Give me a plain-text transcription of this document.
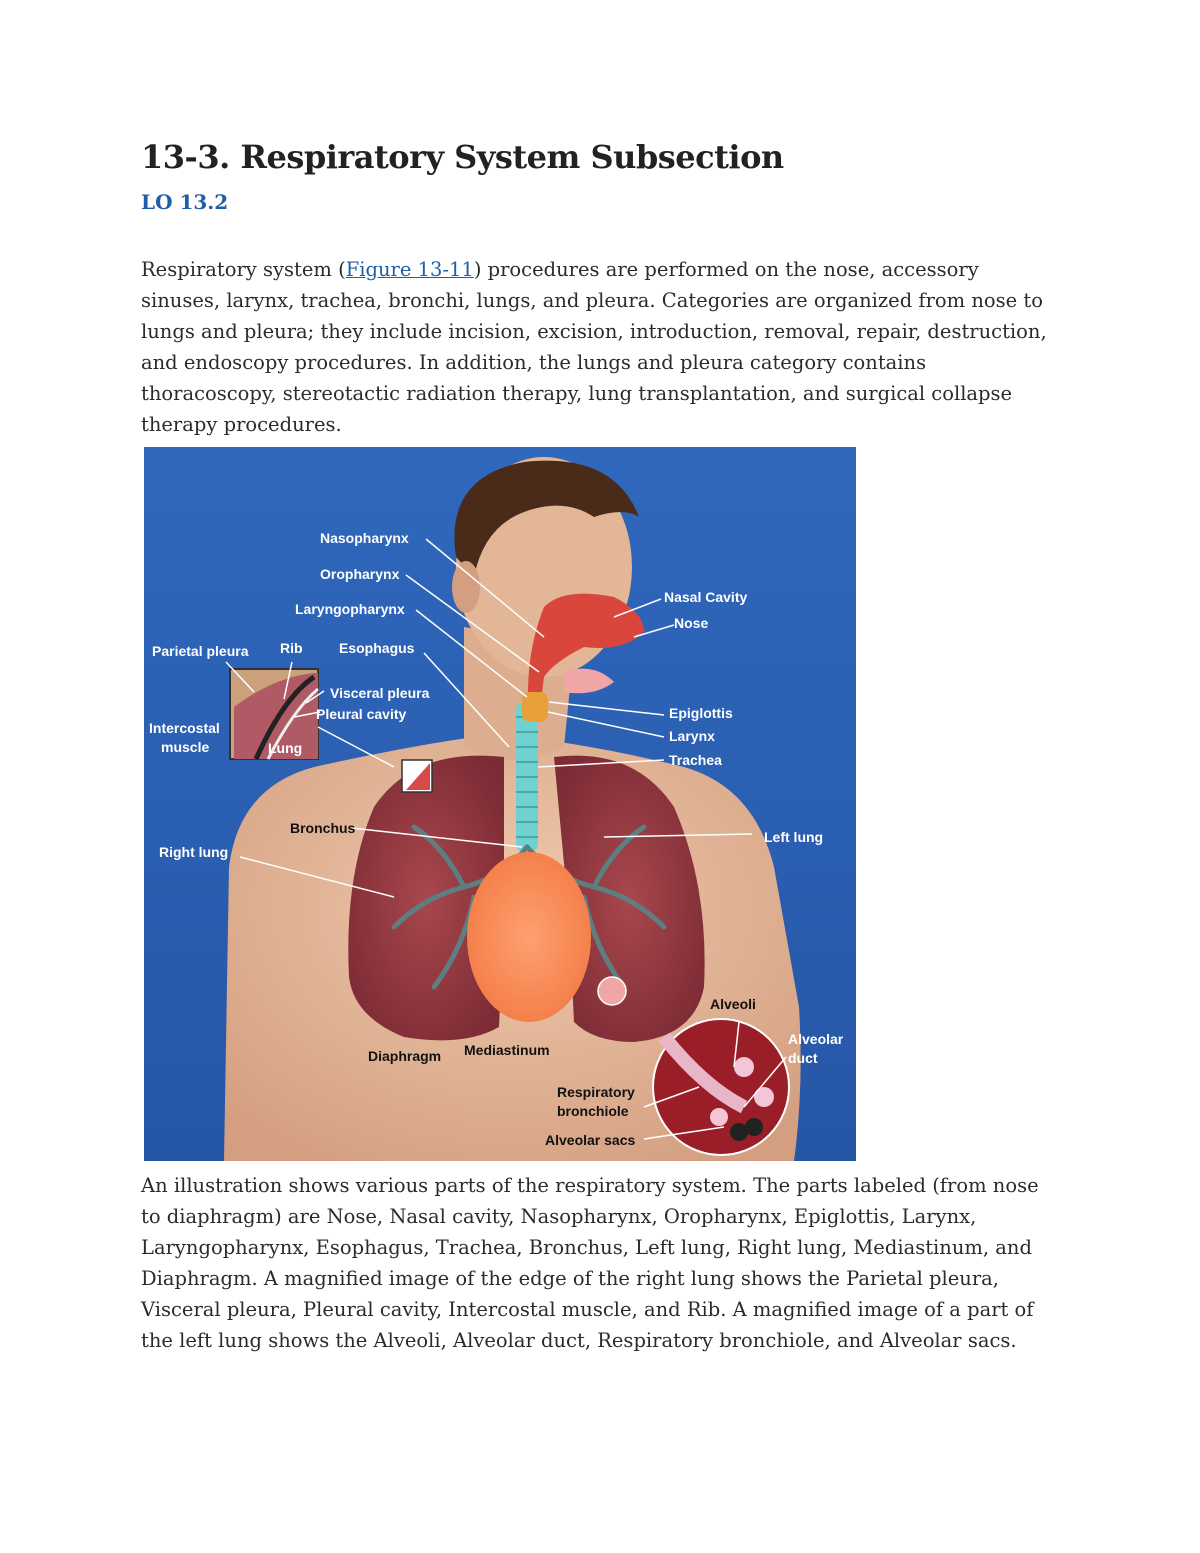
13-3. Respiratory System Subsection

LO 13.2

Respiratory system (Figure 13-11) procedures are performed on the nose, accessory sinuses, larynx, trachea, bronchi, lungs, and pleura. Categories are organized from nose to lungs and pleura; they include incision, excision, introduction, removal, repair, destruction, and endoscopy procedures. In addition, the lungs and pleura category contains thoracoscopy, stereotactic radiation therapy, lung transplantation, and surgical collapse therapy procedures.

Nasopharynx
Oropharynx
Laryngopharynx
Esophagus
Nasal Cavity
Nose
Parietal pleura Rib
Visceral pleura
Pleural cavity
Intercostal
muscle	Lung
Epiglottis
Larynx
Trachea
Bronchus
Left lung
Right lung
Alveoli
Alveolar
duct
Diaphragm Mediastinum
Respiratory
bronchiole
Alveolar sacs

An illustration shows various parts of the respiratory system. The parts labeled (from nose to diaphragm) are Nose, Nasal cavity, Nasopharynx, Oropharynx, Epiglottis, Larynx, Laryngopharynx, Esophagus, Trachea, Bronchus, Left lung, Right lung, Mediastinum, and Diaphragm. A magnified image of the edge of the right lung shows the Parietal pleura, Visceral pleura, Pleural cavity, Intercostal muscle, and Rib. A magnified image of a part of the left lung shows the Alveoli, Alveolar duct, Respiratory bronchiole, and Alveolar sacs.
